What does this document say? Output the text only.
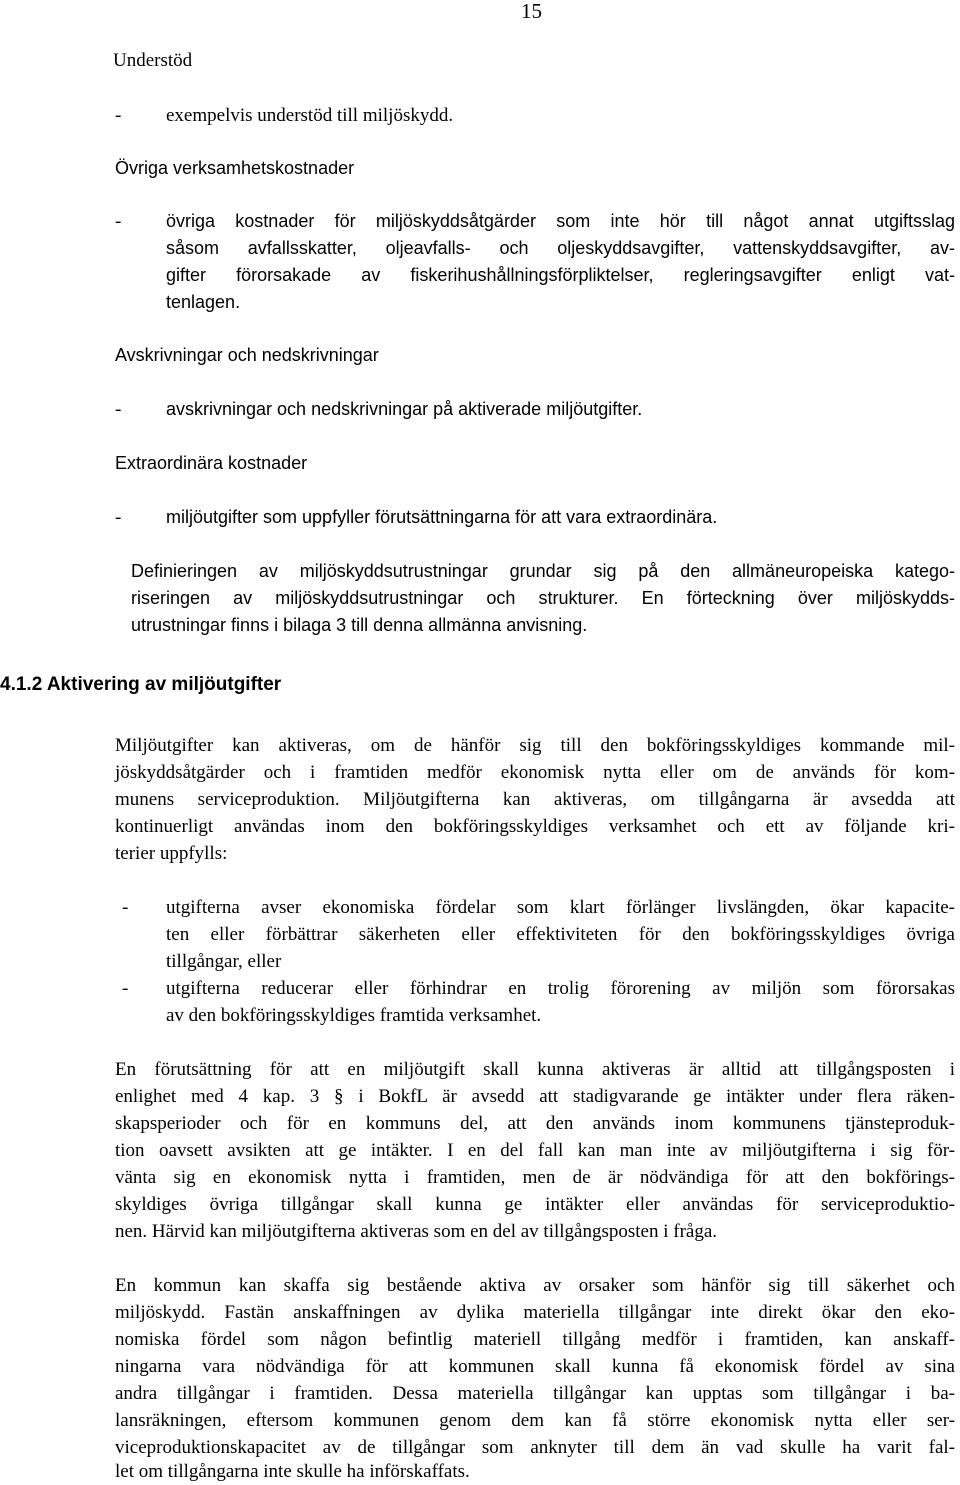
15
Understöd
- exempelvis understöd till miljöskydd.
Övriga verksamhetskostnader
- övriga kostnader för miljöskyddsåtgärder som inte hör till något annat utgiftsslag
såsom avfallsskatter, oljeavfalls- och oljeskyddsavgifter, vattenskyddsavgifter, av-
gifter förorsakade av fiskerihushållningsförpliktelser, regleringsavgifter enligt vat-
tenlagen.
Avskrivningar och nedskrivningar
- avskrivningar och nedskrivningar på aktiverade miljöutgifter.
Extraordinära kostnader
- miljöutgifter som uppfyller förutsättningarna för att vara extraordinära.
Definieringen av miljöskyddsutrustningar grundar sig på den allmäneuropeiska katego-
riseringen av miljöskyddsutrustningar och strukturer. En förteckning över miljöskydds-
utrustningar finns i bilaga 3 till denna allmänna anvisning.
4.1.2 Aktivering av miljöutgifter
Miljöutgifter kan aktiveras, om de hänför sig till den bokföringsskyldiges kommande mil-
jöskyddsåtgärder och i framtiden medför ekonomisk nytta eller om de används för kom-
munens serviceproduktion. Miljöutgifterna kan aktiveras, om tillgångarna är avsedda att
kontinuerligt användas inom den bokföringsskyldiges verksamhet och ett av följande kri-
terier uppfylls:
- utgifterna avser ekonomiska fördelar som klart förlänger livslängden, ökar kapacite-
ten eller förbättrar säkerheten eller effektiviteten för den bokföringsskyldiges övriga
tillgångar, eller
- utgifterna reducerar eller förhindrar en trolig förorening av miljön som förorsakas
av den bokföringsskyldiges framtida verksamhet.
En förutsättning för att en miljöutgift skall kunna aktiveras är alltid att tillgångsposten i
enlighet med 4 kap. 3 § i BokfL är avsedd att stadigvarande ge intäkter under flera räken-
skapsperioder och för en kommuns del, att den används inom kommunens tjänsteproduk-
tion oavsett avsikten att ge intäkter. I en del fall kan man inte av miljöutgifterna i sig för-
vänta sig en ekonomisk nytta i framtiden, men de är nödvändiga för att den bokförings-
skyldiges övriga tillgångar skall kunna ge intäkter eller användas för serviceproduktio-
nen. Härvid kan miljöutgifterna aktiveras som en del av tillgångsposten i fråga.
En kommun kan skaffa sig bestående aktiva av orsaker som hänför sig till säkerhet och
miljöskydd. Fastän anskaffningen av dylika materiella tillgångar inte direkt ökar den eko-
nomiska fördel som någon befintlig materiell tillgång medför i framtiden, kan anskaff-
ningarna vara nödvändiga för att kommunen skall kunna få ekonomisk fördel av sina
andra tillgångar i framtiden. Dessa materiella tillgångar kan upptas som tillgångar i ba-
lansräkningen, eftersom kommunen genom dem kan få större ekonomisk nytta eller ser-
viceproduktionskapacitet av de tillgångar som anknyter till dem än vad skulle ha varit fal-
let om tillgångarna inte skulle ha införskaffats.
